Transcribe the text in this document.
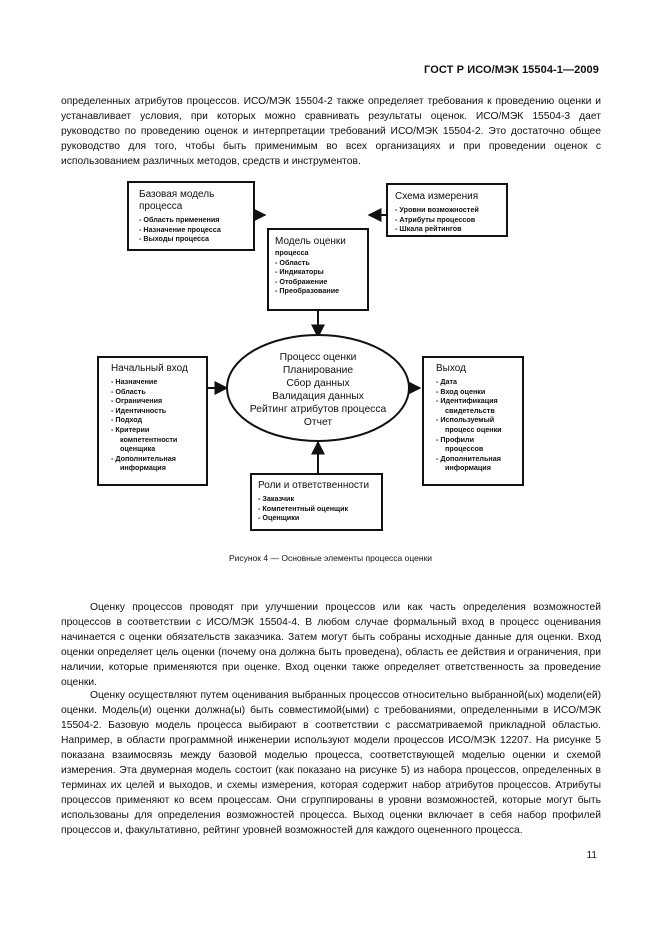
ГОСТ Р ИСО/МЭК 15504-1—2009

определенных атрибутов процессов. ИСО/МЭК 15504-2 также определяет требования к проведению оценки и устанавливает условия, при которых можно сравнивать результаты оценок. ИСО/МЭК 15504-3 дает руководство по проведению оценок и интерпретации требований ИСО/МЭК 15504-2. Это достаточно общее руководство для того, чтобы быть применимым во всех организациях и при проведении оценок с использованием различных методов, средств и инструментов.

Базовая модель процесса
- Область применения
- Назначение процесса
- Выходы процесса
Схема измерения
- Уровни возможностей
- Атрибуты процессов
- Шкала рейтингов
Модель оценки
процесса
- Область
- Индикаторы
- Отображение
- Преобразование
Начальный вход
- Назначение
- Область
- Ограничения
- Идентичность
- Подход
- Критерии
компетентности
оценщика
- Дополнительная
информация
Процесс оценки
Планирование
Сбор данных
Валидация данных
Рейтинг атрибутов процесса
Отчет
Выход
- Дата
- Вход оценки
- Идентификация
свидетельств
- Используемый
процесс оценки
- Профили
процессов
- Дополнительная
информация
Роли и ответственности
- Заказчик
- Компетентный оценщик
- Оценщики
Рисунок 4 — Основные элементы процесса оценки

Оценку процессов проводят при улучшении процессов или как часть определения возможностей процессов в соответствии с ИСО/МЭК 15504-4. В любом случае формальный вход в процесс оценивания начинается с оценки обязательств заказчика. Затем могут быть собраны исходные данные для оценки. Вход оценки определяет цель оценки (почему она должна быть проведена), область ее действия и ограничения, при наличии, которые применяются при оценке. Вход оценки также определяет ответственность за проведение оценки.

Оценку осуществляют путем оценивания выбранных процессов относительно выбранной(ых) модели(ей) оценки. Модель(и) оценки должна(ы) быть совместимой(ыми) с требованиями, определенными в ИСО/МЭК 15504-2. Базовую модель процесса выбирают в соответствии с рассматриваемой прикладной областью. Например, в области программной инженерии используют модели процессов ИСО/МЭК 12207. На рисунке 5 показана взаимосвязь между базовой моделью процесса, соответствующей моделью оценки и схемой измерения. Эта двумерная модель состоит (как показано на рисунке 5) из набора процессов, определенных в терминах их целей и выходов, и схемы измерения, которая содержит набор атрибутов процессов. Атрибуты процессов применяют ко всем процессам. Они сгруппированы в уровни возможностей, которые могут быть использованы для определения возможностей процесса. Выход оценки включает в себя набор профилей процессов и, факультативно, рейтинг уровней возможностей для каждого оцененного процесса.

11
